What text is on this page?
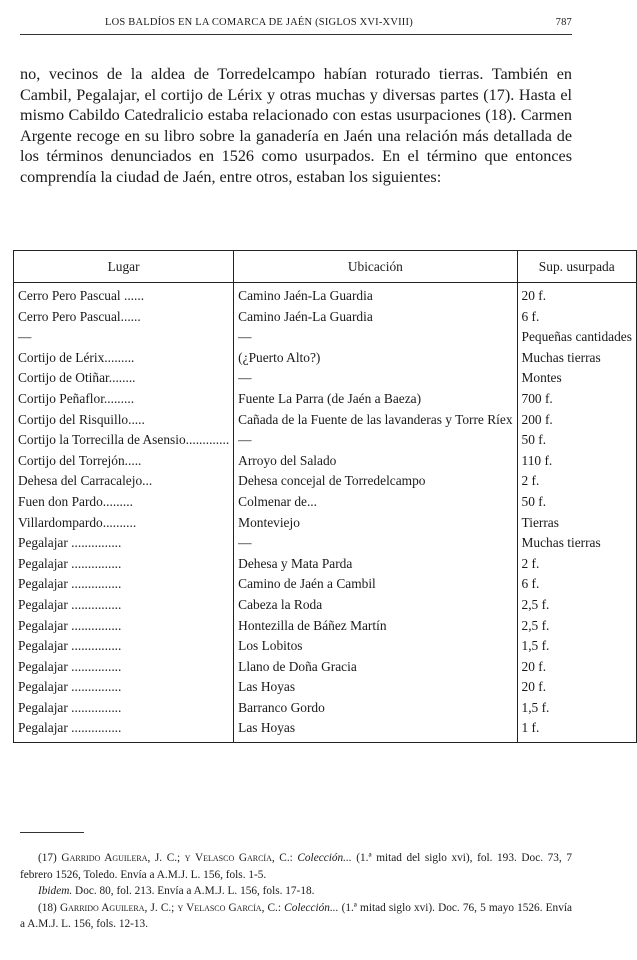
LOS BALDÍOS EN LA COMARCA DE JAÉN (SIGLOS XVI-XVIII)	787
no, vecinos de la aldea de Torredelcampo habían roturado tierras. También en Cambil, Pegalajar, el cortijo de Lérix y otras muchas y diversas partes (17). Hasta el mismo Cabildo Catedralicio estaba relacionado con estas usurpaciones (18). Carmen Argente recoge en su libro sobre la ganadería en Jaén una relación más detallada de los términos denunciados en 1526 como usurpados. En el término que entonces comprendía la ciudad de Jaén, entre otros, estaban los siguientes:
Lugar	Ubicación	Sup. usurpada
Cerro Pero Pascual ......	Camino Jaén-La Guardia	20 f.
Cerro Pero Pascual......	Camino Jaén-La Guardia	6 f.
—	—	Pequeñas cantidades
Cortijo de Lérix.........	(¿Puerto Alto?)	Muchas tierras
Cortijo de Otiñar........	—	Montes
Cortijo Peñaflor.........	Fuente La Parra (de Jaén a Baeza)	700 f.
Cortijo del Risquillo.....	Cañada de la Fuente de las lavanderas y Torre Ríex	200 f.
Cortijo la Torrecilla de Asensio.............	—	50 f.
Cortijo del Torrejón.....	Arroyo del Salado	110 f.
Dehesa del Carracalejo...	Dehesa concejal de Torredelcampo	2 f.
Fuen don Pardo.........	Colmenar de...	50 f.
Villardompardo..........	Monteviejo	Tierras
Pegalajar ...............	—	Muchas tierras
Pegalajar ...............	Dehesa y Mata Parda	2 f.
Pegalajar ...............	Camino de Jaén a Cambil	6 f.
Pegalajar ...............	Cabeza la Roda	2,5 f.
Pegalajar ...............	Hontezilla de Báñez Martín	2,5 f.
Pegalajar ...............	Los Lobitos	1,5 f.
Pegalajar ...............	Llano de Doña Gracia	20 f.
Pegalajar ...............	Las Hoyas	20 f.
Pegalajar ...............	Barranco Gordo	1,5 f.
Pegalajar ...............	Las Hoyas	1 f.

(17) Garrido Aguilera, J. C.; y Velasco García, C.: Colección... (1.ª mitad del siglo xvi), fol. 193. Doc. 73, 7 febrero 1526, Toledo. Envía a A.M.J. L. 156, fols. 1-5.

Ibidem. Doc. 80, fol. 213. Envía a A.M.J. L. 156, fols. 17-18.

(18) Garrido Aguilera, J. C.; y Velasco García, C.: Colección... (1.ª mitad siglo xvi). Doc. 76, 5 mayo 1526. Envía a A.M.J. L. 156, fols. 12-13.
